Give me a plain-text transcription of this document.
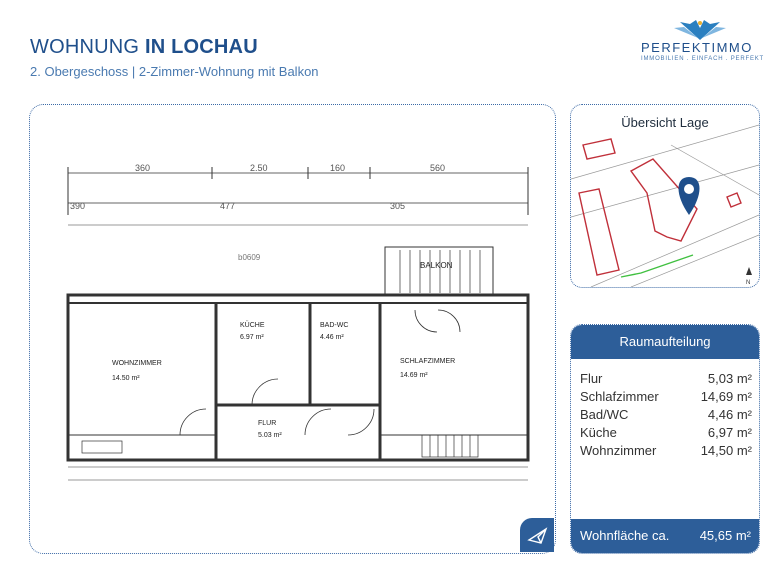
WOHNUNG IN LOCHAU
2. Obergeschoss | 2-Zimmer-Wohnung mit Balkon
PERFEKTIMMO
IMMOBILIEN . EINFACH . PERFEKT
360	2.50	160	560
390	477	305
b0609
BALKON
WOHNZIMMER
14.50 m²
KÜCHE
6.97 m²
BAD-WC
4.46 m²
SCHLAFZIMMER
14.69 m²
FLUR
5.03 m²
Übersicht Lage
N
Raumaufteilung
Flur	5,03 m²
Schlafzimmer	14,69 m²
Bad/WC	4,46 m²
Küche	6,97 m²
Wohnzimmer	14,50 m²
Wohnfläche ca. 45,65 m²
